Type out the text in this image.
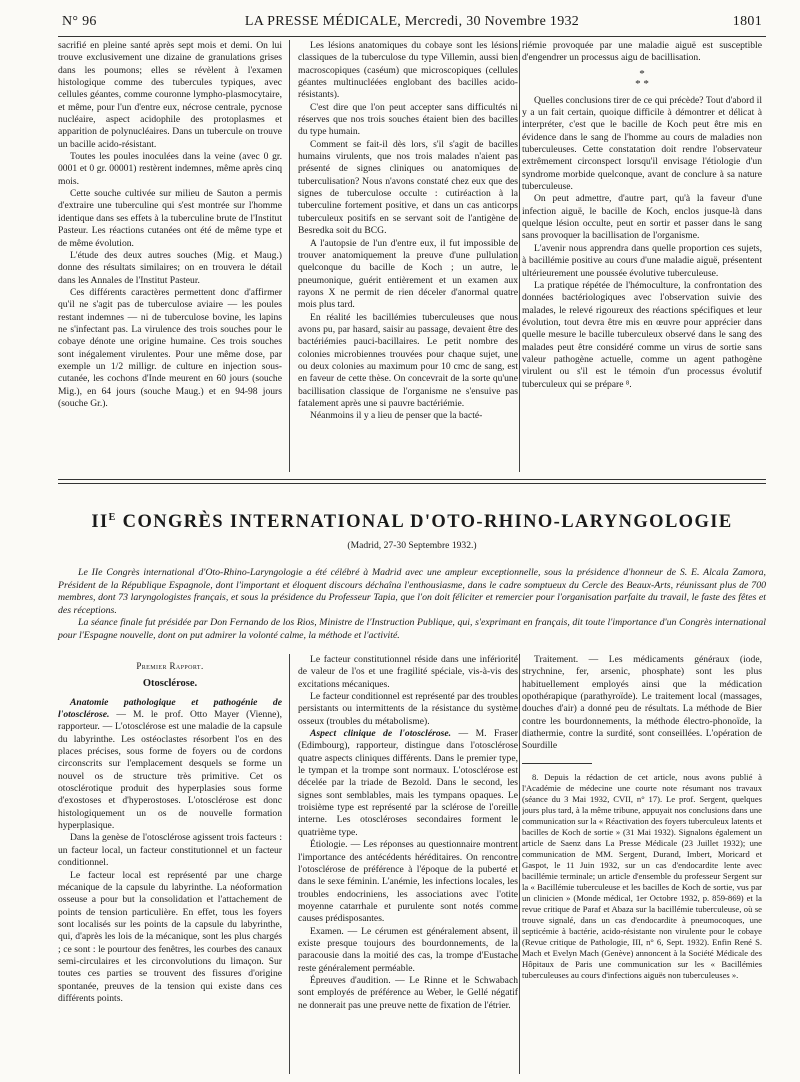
N° 96	LA PRESSE MÉDICALE, Mercredi, 30 Novembre 1932	1801

sacrifié en pleine santé après sept mois et demi. On lui trouve exclusivement une dizaine de granulations grises dans les poumons; elles se révèlent à l'examen histologique comme des tubercules typiques, avec cellules géantes, comme couronne lympho-plasmocytaire, et même, pour l'un d'entre eux, nécrose centrale, pycnose nucléaire, aspect acidophile des protoplasmes et apparition de polynucléaires. Dans un tubercule on trouve un bacille acido-résistant.

Toutes les poules inoculées dans la veine (avec 0 gr. 0001 et 0 gr. 00001) restèrent indemnes, même après cinq mois.

Cette souche cultivée sur milieu de Sauton a permis d'extraire une tuberculine qui s'est montrée sur l'homme identique dans ses effets à la tuberculine brute de l'Institut Pasteur. Les réactions cutanées ont été de même type et de même évolution.

L'étude des deux autres souches (Mig. et Maug.) donne des résultats similaires; on en trouvera le détail dans les Annales de l'Institut Pasteur.

Ces différents caractères permettent donc d'affirmer qu'il ne s'agit pas de tuberculose aviaire — les poules restant indemnes — ni de tuberculose bovine, les lapins ne s'infectant pas. La virulence des trois souches pour le cobaye dénote une origine humaine. Ces trois souches sont inégalement virulentes. Pour une même dose, par exemple un 1/2 milligr. de culture en injection sous-cutanée, les cochons d'Inde meurent en 60 jours (souche Mig.), en 64 jours (souche Maug.) et en 94-98 jours (souche Gr.).

Les lésions anatomiques du cobaye sont les lésions classiques de la tuberculose du type Villemin, aussi bien macroscopiques (caséum) que microscopiques (cellules géantes multinucléées englobant des bacilles acido-résistants).

C'est dire que l'on peut accepter sans difficultés ni réserves que nos trois souches étaient bien des bacilles du type humain.

Comment se fait-il dès lors, s'il s'agit de bacilles humains virulents, que nos trois malades n'aient pas présenté de signes cliniques ou anatomiques de tuberculisation? Nous n'avons constaté chez eux que des signes de tuberculose occulte : cutiréaction à la tuberculine fortement positive, et dans un cas anticorps tuberculeux positifs en se servant soit de l'antigène de Besredka soit du BCG.

A l'autopsie de l'un d'entre eux, il fut impossible de trouver anatomiquement la preuve d'une pullulation quelconque du bacille de Koch ; un autre, le pneumonique, guérit entièrement et un examen aux rayons X ne permit de rien déceler d'anormal quatre mois plus tard.

En réalité les bacillémies tuberculeuses que nous avons pu, par hasard, saisir au passage, devaient être des bactériémies pauci-bacillaires. Le petit nombre des colonies microbiennes trouvées pour chaque sujet, une ou deux colonies au maximum pour 10 cmc de sang, est en faveur de cette thèse. On concevrait de la sorte qu'une bacillisation classique de l'organisme ne s'ensuive pas fatalement après une si pauvre bactériémie.

Néanmoins il y a lieu de penser que la bacté-

riémie provoquée par une maladie aiguë est susceptible d'engendrer un processus aigu de bacillisation.

*
* *

Quelles conclusions tirer de ce qui précède? Tout d'abord il y a un fait certain, quoique difficile à démontrer et délicat à interpréter, c'est que le bacille de Koch peut être mis en évidence dans le sang de l'homme au cours de maladies non tuberculeuses. Cette constatation doit rendre l'observateur extrêmement circonspect lorsqu'il envisage l'étiologie d'un syndrome morbide quelconque, avant de conclure à sa nature tuberculeuse.

On peut admettre, d'autre part, qu'à la faveur d'une infection aiguë, le bacille de Koch, enclos jusque-là dans quelque lésion occulte, peut en sortir et passer dans le sang sans provoquer la bacillisation de l'organisme.

L'avenir nous apprendra dans quelle proportion ces sujets, à bacillémie positive au cours d'une maladie aiguë, présentent ultérieurement une poussée évolutive tuberculeuse.

La pratique répétée de l'hémoculture, la confrontation des données bactériologiques avec l'observation suivie des malades, le relevé rigoureux des réactions spécifiques et leur évolution, tout devra être mis en œuvre pour apprécier dans quelle mesure le bacille tuberculeux observé dans le sang des malades peut être considéré comme un virus de sortie sans valeur pathogène actuelle, comme un agent pathogène virulent ou s'il est le témoin d'un processus évolutif tuberculeux qui se prépare ⁸.

$II^E$ CONGRÈS INTERNATIONAL D'OTO-RHINO-LARYNGOLOGIE
(Madrid, 27-30 Septembre 1932.)

Le IIe Congrès international d'Oto-Rhino-Laryngologie a été célébré à Madrid avec une ampleur exceptionnelle, sous la présidence d'honneur de S. E. Alcala Zamora, Président de la République Espagnole, dont l'important et éloquent discours déchaîna l'enthousiasme, dans le cadre somptueux du Cercle des Beaux-Arts, réunissant plus de 700 membres, dont 73 laryngologistes français, et sous la présidence du Professeur Tapia, que l'on doit féliciter et remercier pour l'organisation parfaite du travail, le faste des fêtes et des réceptions.

La séance finale fut présidée par Don Fernando de los Rios, Ministre de l'Instruction Publique, qui, s'exprimant en français, dit toute l'importance d'un Congrès international pour l'Espagne nouvelle, dont on put admirer la volonté calme, la méthode et l'activité.

Premier Rapport.
Otosclérose.

Anatomie pathologique et pathogénie de l'otosclérose. — M. le prof. Otto Mayer (Vienne), rapporteur. — L'otosclérose est une maladie de la capsule du labyrinthe. Les ostéoclastes résorbent l'os en des places précises, sous forme de foyers ou de cordons circonscrits sur l'emplacement desquels se forme un nouvel os de structure très primitive. Cet os otosclérotique produit des hyperplasies sous forme d'exostoses et d'hyperostoses. L'otosclérose est donc histologiquement un os de nouvelle formation hyperplasique.

Dans la genèse de l'otosclérose agissent trois facteurs : un facteur local, un facteur constitutionnel et un facteur conditionnel.

Le facteur local est représenté par une charge mécanique de la capsule du labyrinthe. La néoformation osseuse a pour but la consolidation et l'attachement de points de tension particulière. En effet, tous les foyers sont localisés sur les points de la capsule du labyrinthe, qui, d'après les lois de la mécanique, sont les plus chargés ; ce sont : le pourtour des fenêtres, les courbes des canaux semi-circulaires et les circonvolutions du limaçon. Sur toutes ces parties se trouvent des fissures d'origine spontanée, preuves de la tension qui existe dans ces différents points.

Le facteur constitutionnel réside dans une infériorité de valeur de l'os et une fragilité spéciale, vis-à-vis des excitations mécaniques.

Le facteur conditionnel est représenté par des troubles persistants ou intermittents de la résistance du système osseux (troubles du métabolisme).

Aspect clinique de l'otosclérose. — M. Fraser (Edimbourg), rapporteur, distingue dans l'otosclérose quatre aspects cliniques différents. Dans le premier type, le tympan et la trompe sont normaux. L'otosclérose est décelée par la triade de Bezold. Dans le second, les signes sont semblables, mais les tympans opaques. Le troisième type est représenté par la sclérose de l'oreille interne. Les otoscléroses secondaires forment le quatrième type.

Étiologie. — Les réponses au questionnaire montrent l'importance des antécédents héréditaires. On rencontre l'otosclérose de préférence à l'époque de la puberté et dans le sexe féminin. L'anémie, les infections locales, les troubles endocriniens, les associations avec l'otite moyenne catarrhale et purulente sont notés comme causes prédisposantes.

Examen. — Le cérumen est généralement absent, il existe presque toujours des bourdonnements, de la paracousie dans la moitié des cas, la trompe d'Eustache reste généralement perméable.

Épreuves d'audition. — Le Rinne et le Schwabach sont employés de préférence au Weber, le Gellé négatif ne donnerait pas une preuve nette de fixation de l'étrier.

Traitement. — Les médicaments généraux (iode, strychnine, fer, arsenic, phosphate) sont les plus habituellement employés ainsi que la médication opothérapique (parathyroïde). Le traitement local (massages, douches d'air) a donné peu de résultats. La méthode de Bier contre les bourdonnements, la méthode électro-phonoïde, la diathermie, contre la surdité, sont conseillées. L'opération de Sourdille

8. Depuis la rédaction de cet article, nous avons publié à l'Académie de médecine une courte note résumant nos travaux (séance du 3 Mai 1932, CVII, n° 17). Le prof. Sergent, quelques jours plus tard, à la même tribune, appuyait nos conclusions dans une communication sur la « Réactivation des foyers tuberculeux latents et bacilles de Koch de sortie » (31 Mai 1932). Signalons également un article de Saenz dans La Presse Médicale (23 Juillet 1932); une communication de MM. Sergent, Durand, Imbert, Moricard et Gaspot, le 11 Juin 1932, sur un cas d'endocardite lente avec bacillémie terminale; un article d'ensemble du professeur Sergent sur la « Bacillémie tuberculeuse et les bacilles de Koch de sortie, vus par un clinicien » (Monde médical, 1er Octobre 1932, p. 859-869) et la revue critique de Paraf et Abaza sur la bacillémie tuberculeuse, où se trouve signalé, dans un cas d'endocardite à pneumocoques, une septicémie à bactérie, acido-résistante non virulente pour le cobaye (Revue critique de Pathologie, III, n° 6, Sept. 1932). Enfin René S. Mach et Evelyn Mach (Genève) annoncent à la Société Médicale des Hôpitaux de Paris une communication sur les « Bacillémies tuberculeuses au cours d'infections aiguës non tuberculeuses ».
